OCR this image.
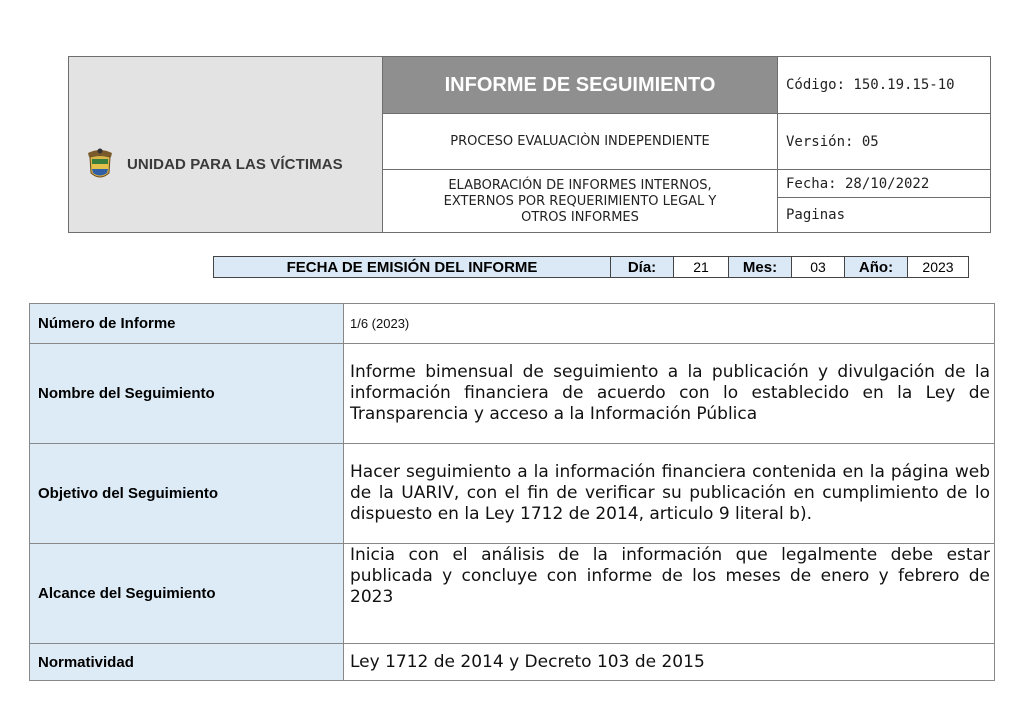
UNIDAD PARA LAS VÍCTIMAS	INFORME DE SEGUIMIENTO	Código: 150.19.15-10
	PROCESO EVALUACIÒN INDEPENDIENTE	Versión: 05

	ELABORACIÓN DE INFORMES INTERNOS,
EXTERNOS POR REQUERIMIENTO LEGAL Y
OTROS INFORMES	Fecha: 28/10/2022
		Paginas
FECHA DE EMISIÓN DEL INFORME	Día:	21	Mes:	03	Año:	2023
Número de Informe	1/6 (2023)
Nombre del Seguimiento	Informe bimensual de seguimiento a la publicación y divulgación de la información financiera de acuerdo con lo establecido en la Ley de Transparencia y acceso a la Información Pública
Objetivo del Seguimiento	Hacer seguimiento a la información financiera contenida en la página web de la UARIV, con el fin de verificar su publicación en cumplimiento de lo dispuesto en la Ley 1712 de 2014, articulo 9 literal b).
Alcance del Seguimiento	Inicia con el análisis de la información que legalmente debe estar publicada y concluye con informe de los meses de enero y febrero de 2023
Normatividad	Ley 1712 de 2014 y Decreto 103 de 2015
